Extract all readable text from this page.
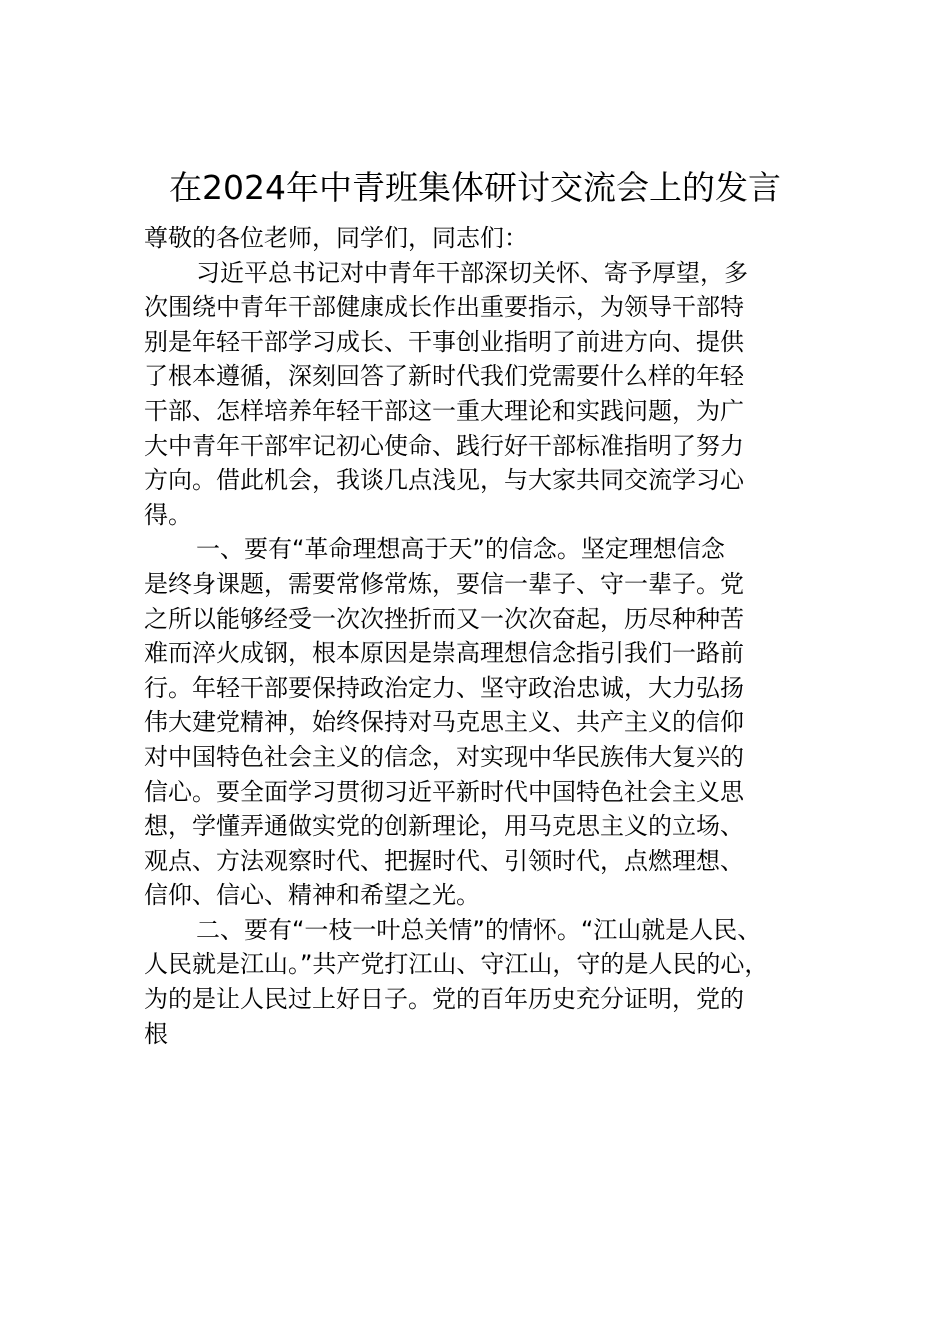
在2024年中青班集体研讨交流会上的发言
尊敬的各位老师，同学们，同志们：
习近平总书记对中青年干部深切关怀、寄予厚望，多
次围绕中青年干部健康成长作出重要指示，为领导干部特
别是年轻干部学习成长、干事创业指明了前进方向、提供
了根本遵循，深刻回答了新时代我们党需要什么样的年轻
干部、怎样培养年轻干部这一重大理论和实践问题，为广
大中青年干部牢记初心使命、践行好干部标准指明了努力
方向。借此机会，我谈几点浅见，与大家共同交流学习心
得。
一、要有“革命理想高于天”的信念。坚定理想信念
是终身课题，需要常修常炼，要信一辈子、守一辈子。党
之所以能够经受一次次挫折而又一次次奋起，历尽种种苦
难而淬火成钢，根本原因是崇高理想信念指引我们一路前
行。年轻干部要保持政治定力、坚守政治忠诚，大力弘扬
伟大建党精神，始终保持对马克思主义、共产主义的信仰
对中国特色社会主义的信念，对实现中华民族伟大复兴的
信心。要全面学习贯彻习近平新时代中国特色社会主义思
想，学懂弄通做实党的创新理论，用马克思主义的立场、
观点、方法观察时代、把握时代、引领时代，点燃理想、
信仰、信心、精神和希望之光。
二、要有“一枝一叶总关情”的情怀。“江山就是人民、
人民就是江山。”共产党打江山、守江山，守的是人民的心，
为的是让人民过上好日子。党的百年历史充分证明，党的
根
